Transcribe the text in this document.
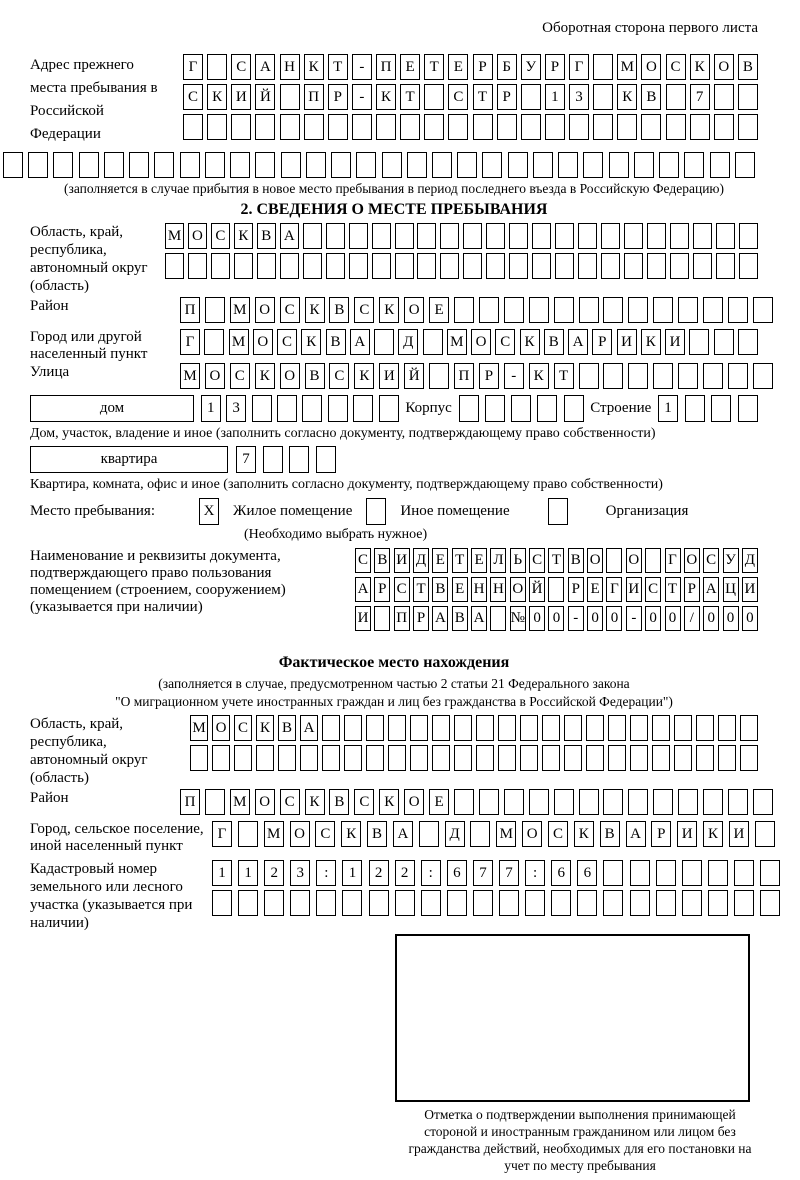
Оборотная сторона первого листа
Адрес прежнего места пребывания в Российской Федерации
Г	С А Н К Т	-	П Е Т Е	Р	Б У Р	Г	М О С К О В
С К И Й	П Р	-	К Т	С Т	Р	1	3	К В	7
(заполняется в случае прибытия в новое место пребывания в период последнего въезда в Российскую Федерацию)
2. СВЕДЕНИЯ О МЕСТЕ ПРЕБЫВАНИЯ
Область, край, республика, автономный округ (область)
М О С К В А
Район	П	М О С К В С К О Е
Город или другой населенный пункт
Г	М О С К В А	Д	М О С К В А Р И К И
Улица	М О С К О В С К И Й	П	Р	-	К	Т
дом	1	3	Корпус	Строение 1
Дом, участок, владение и иное (заполнить согласно документу, подтверждающему право собственности)
квартира	7
Квартира, комната, офис и иное (заполнить согласно документу, подтверждающему право собственности)
Место пребывания:	X	Жилое помещение	Иное помещение	Организация
(Необходимо выбрать нужное)
Наименование и реквизиты документа, подтверждающего право пользования помещением (строением, сооружением) (указывается при наличии)
С В И Д Е Т Е Л Ь С Т В О О Г О С У Д
А Р С Т В Е Н Н О Й Р Е Г И С Т Р А Ц И
И П Р А В А № 0 0 - 0 0 - 0 0 / 0 0 0
Фактическое место нахождения
(заполняется в случае, предусмотренном частью 2 статьи 21 Федерального закона
"О миграционном учете иностранных граждан и лиц без гражданства в Российской Федерации")
Область, край, республика, автономный округ (область)
М О С К В А
Район	П	М О С К В С К О Е
Город, сельское поселение, иной населенный пункт
Г	М О	С	К	В	А	Д	М О	С	К	В	А	Р	И	К	И
Кадастровый номер земельного или лесного участка (указывается при наличии)
1	1	2	3	:	1	2	2	:	6	7	7	:	6	6
Отметка о подтверждении выполнения принимающей стороной и иностранным гражданином или лицом без гражданства действий, необходимых для его постановки на учет по месту пребывания
